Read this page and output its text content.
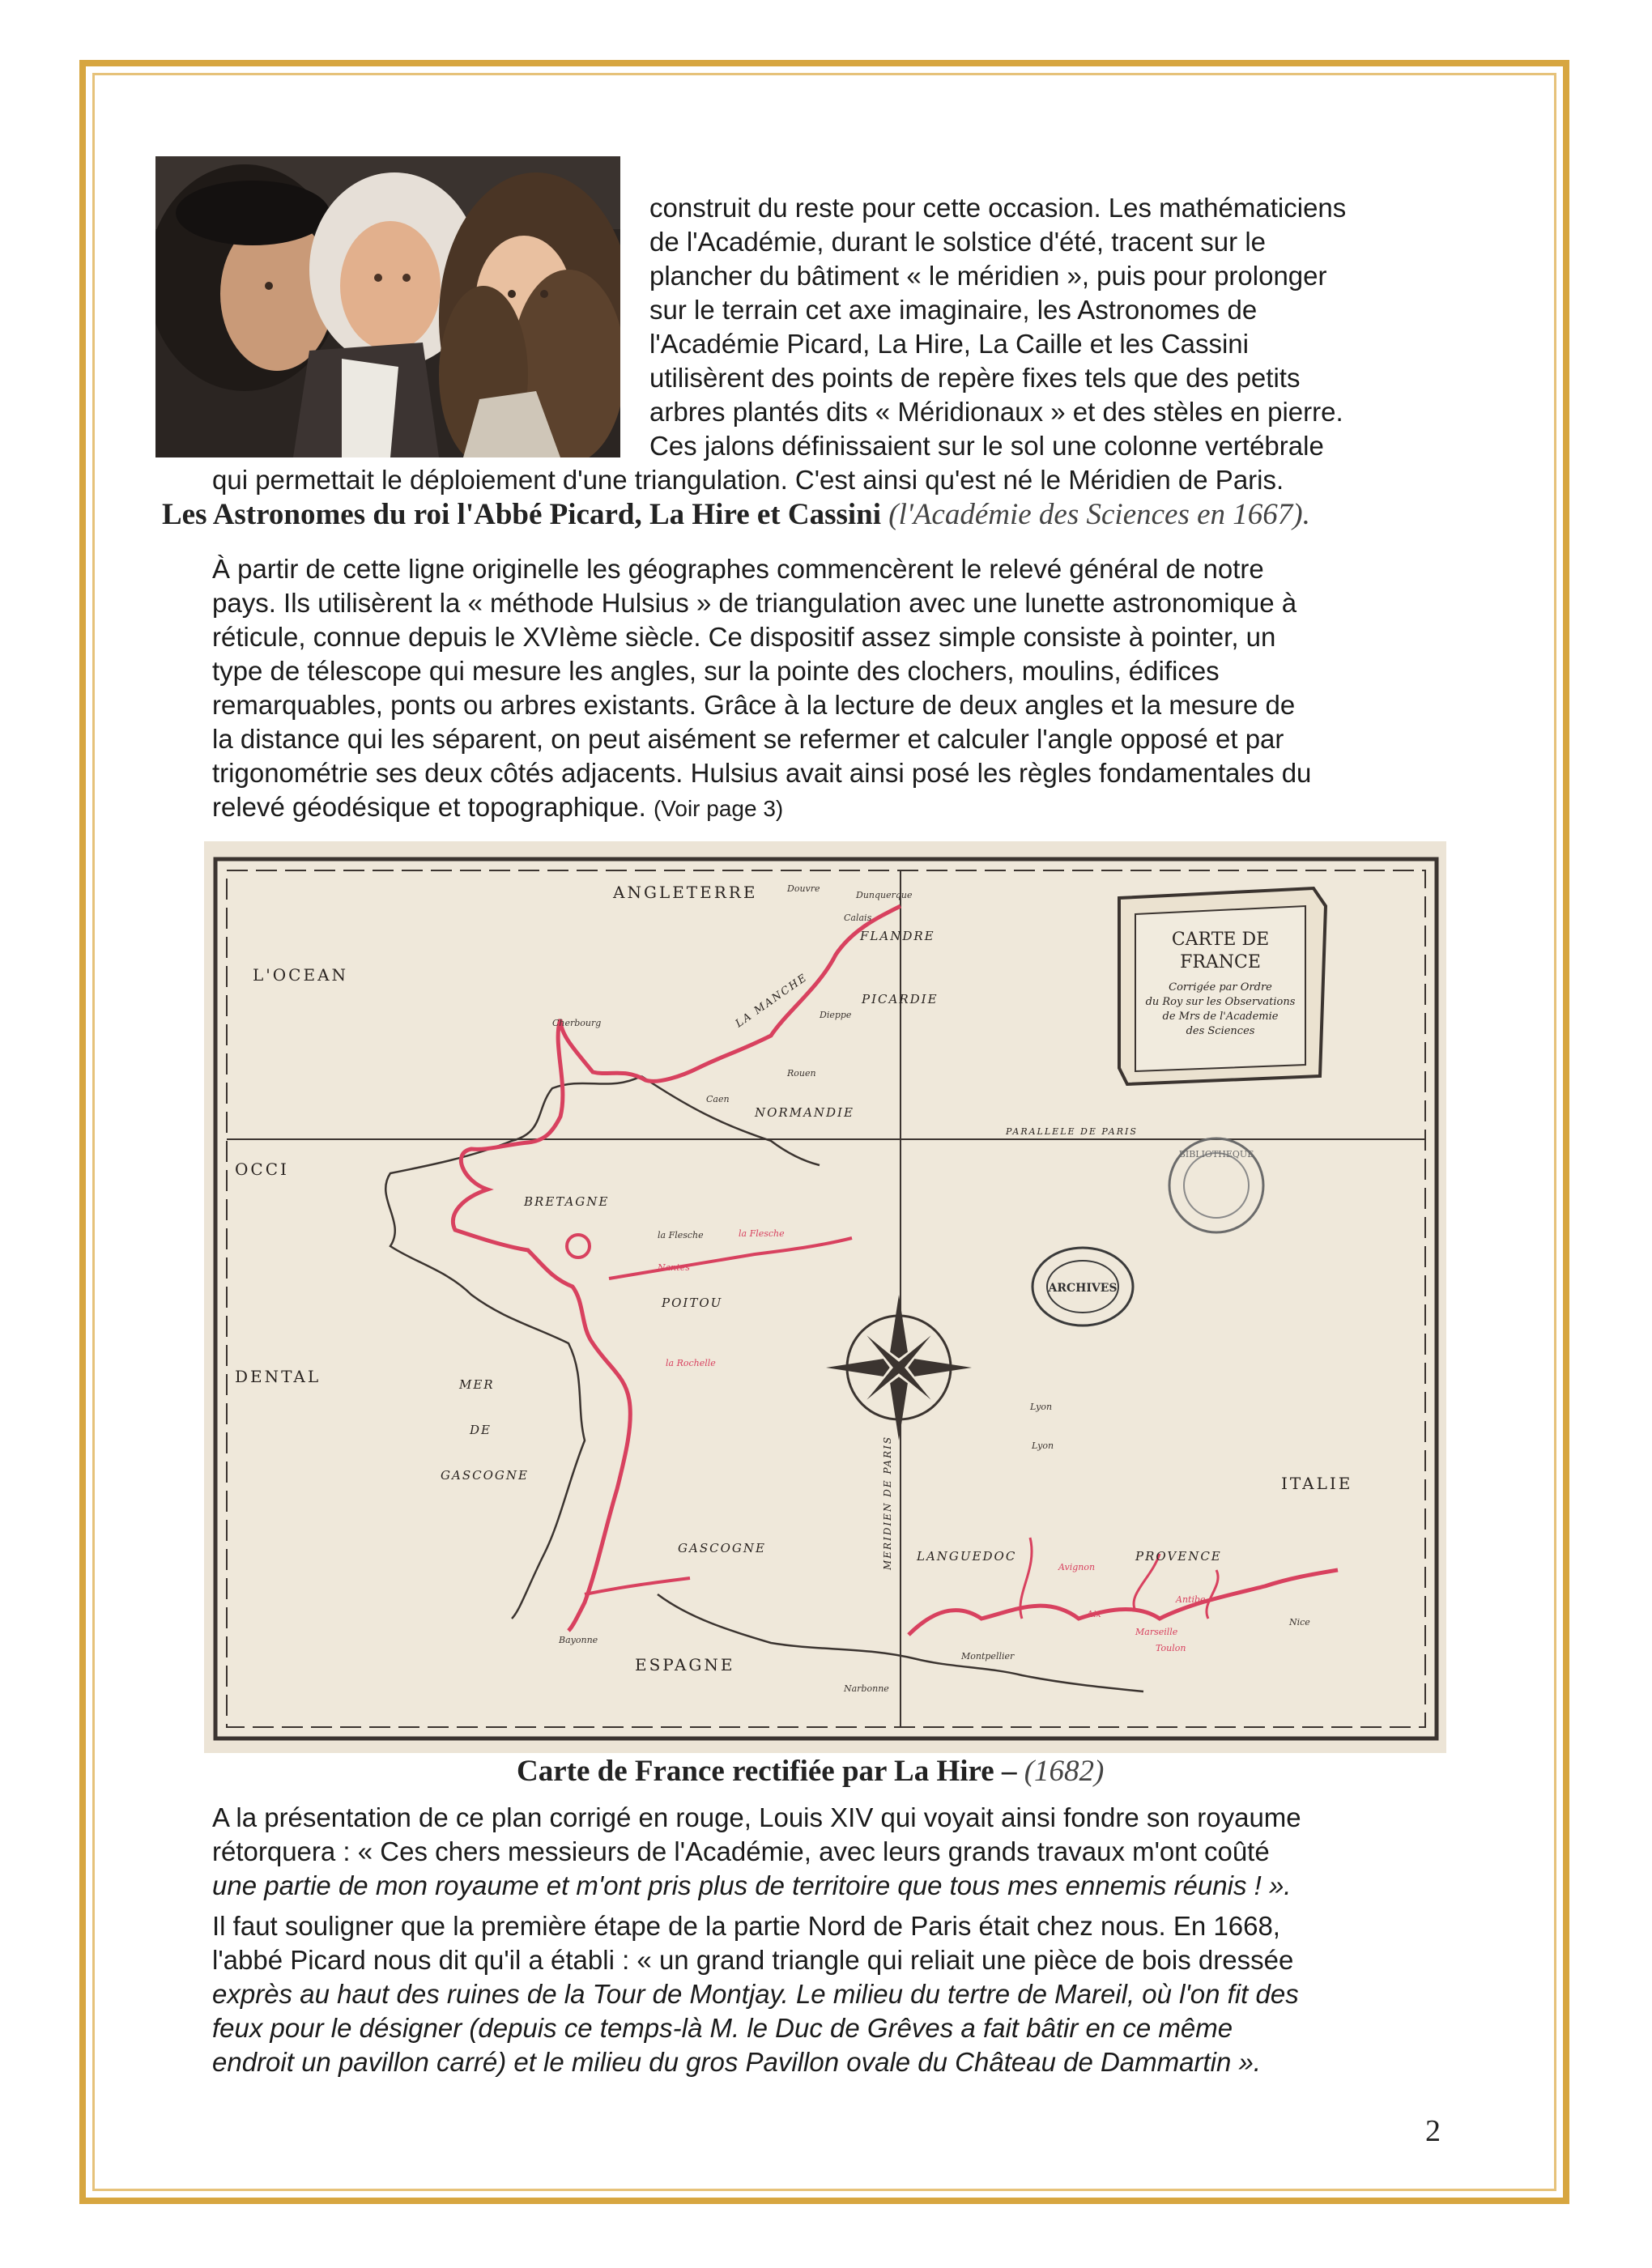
construit du reste pour cette occasion. Les mathématiciens

de l'Académie, durant le solstice d'été, tracent sur le

plancher du bâtiment « le méridien », puis pour prolonger

sur le terrain cet axe imaginaire, les Astronomes de

l'Académie Picard, La Hire, La Caille et les Cassini

utilisèrent des points de repère fixes tels que des petits

arbres plantés dits « Méridionaux » et des stèles en pierre.

Ces jalons définissaient sur le sol une colonne vertébrale

qui permettait le déploiement d'une triangulation. C'est ainsi qu'est né le Méridien de Paris.
Les Astronomes du roi l'Abbé Picard, La Hire et Cassini (l'Académie des Sciences en 1667).

À partir de cette ligne originelle les géographes commencèrent le relevé général de notre

pays. Ils utilisèrent la « méthode Hulsius » de triangulation avec une lunette astronomique à

réticule, connue depuis le XVIème siècle. Ce dispositif assez simple consiste à pointer, un

type de télescope qui mesure les angles, sur la pointe des clochers, moulins, édifices

remarquables, ponts ou arbres existants. Grâce à la lecture de deux angles et la mesure de

la distance qui les séparent, on peut aisément se refermer et calculer l'angle opposé et par

trigonométrie ses deux côtés adjacents. Hulsius avait ainsi posé les règles fondamentales du

relevé géodésique et topographique. (Voir page 3)

CARTE DE
FRANCE
Corrigée par Ordre
du Roy sur les Observations
de Mrs de l'Academie
des Sciences
BIBLIOTHEQUE
ARCHIVES
ANGLETERRE
L'OCEAN
OCCI
DENTAL
ITALIE
ESPAGNE
FLANDRE
PICARDIE
NORMANDIE
BRETAGNE
POITOU
MER
DE
GASCOGNE
GASCOGNE
LANGUEDOC	PROVENCE
PARALLELE DE PARIS
MERIDIEN DE PARIS
LA MANCHE
la Flesche	la Flesche
la Rochelle
Nantes
Cherbourg
Dieppe
Rouen
Caen
Dunquerque
Calais
Douvre
Narbonne
Montpellier
Marseille
Toulon
Nice
Aix
Antibe
Avignon
Bayonne
Lyon
Lyon
Carte de France rectifiée par La Hire – (1682)

A la présentation de ce plan corrigé en rouge, Louis XIV qui voyait ainsi fondre son royaume

rétorquera : « Ces chers messieurs de l'Académie, avec leurs grands travaux m'ont coûté

une partie de mon royaume et m'ont pris plus de territoire que tous mes ennemis réunis ! ».

Il faut souligner que la première étape de la partie Nord de Paris était chez nous. En 1668,

l'abbé Picard nous dit qu'il a établi : « un grand triangle qui reliait une pièce de bois dressée

exprès au haut des ruines de la Tour de Montjay. Le milieu du tertre de Mareil, où l'on fit des

feux pour le désigner (depuis ce temps-là M. le Duc de Grêves a fait bâtir en ce même

endroit un pavillon carré) et le milieu du gros Pavillon ovale du Château de Dammartin ».

2
